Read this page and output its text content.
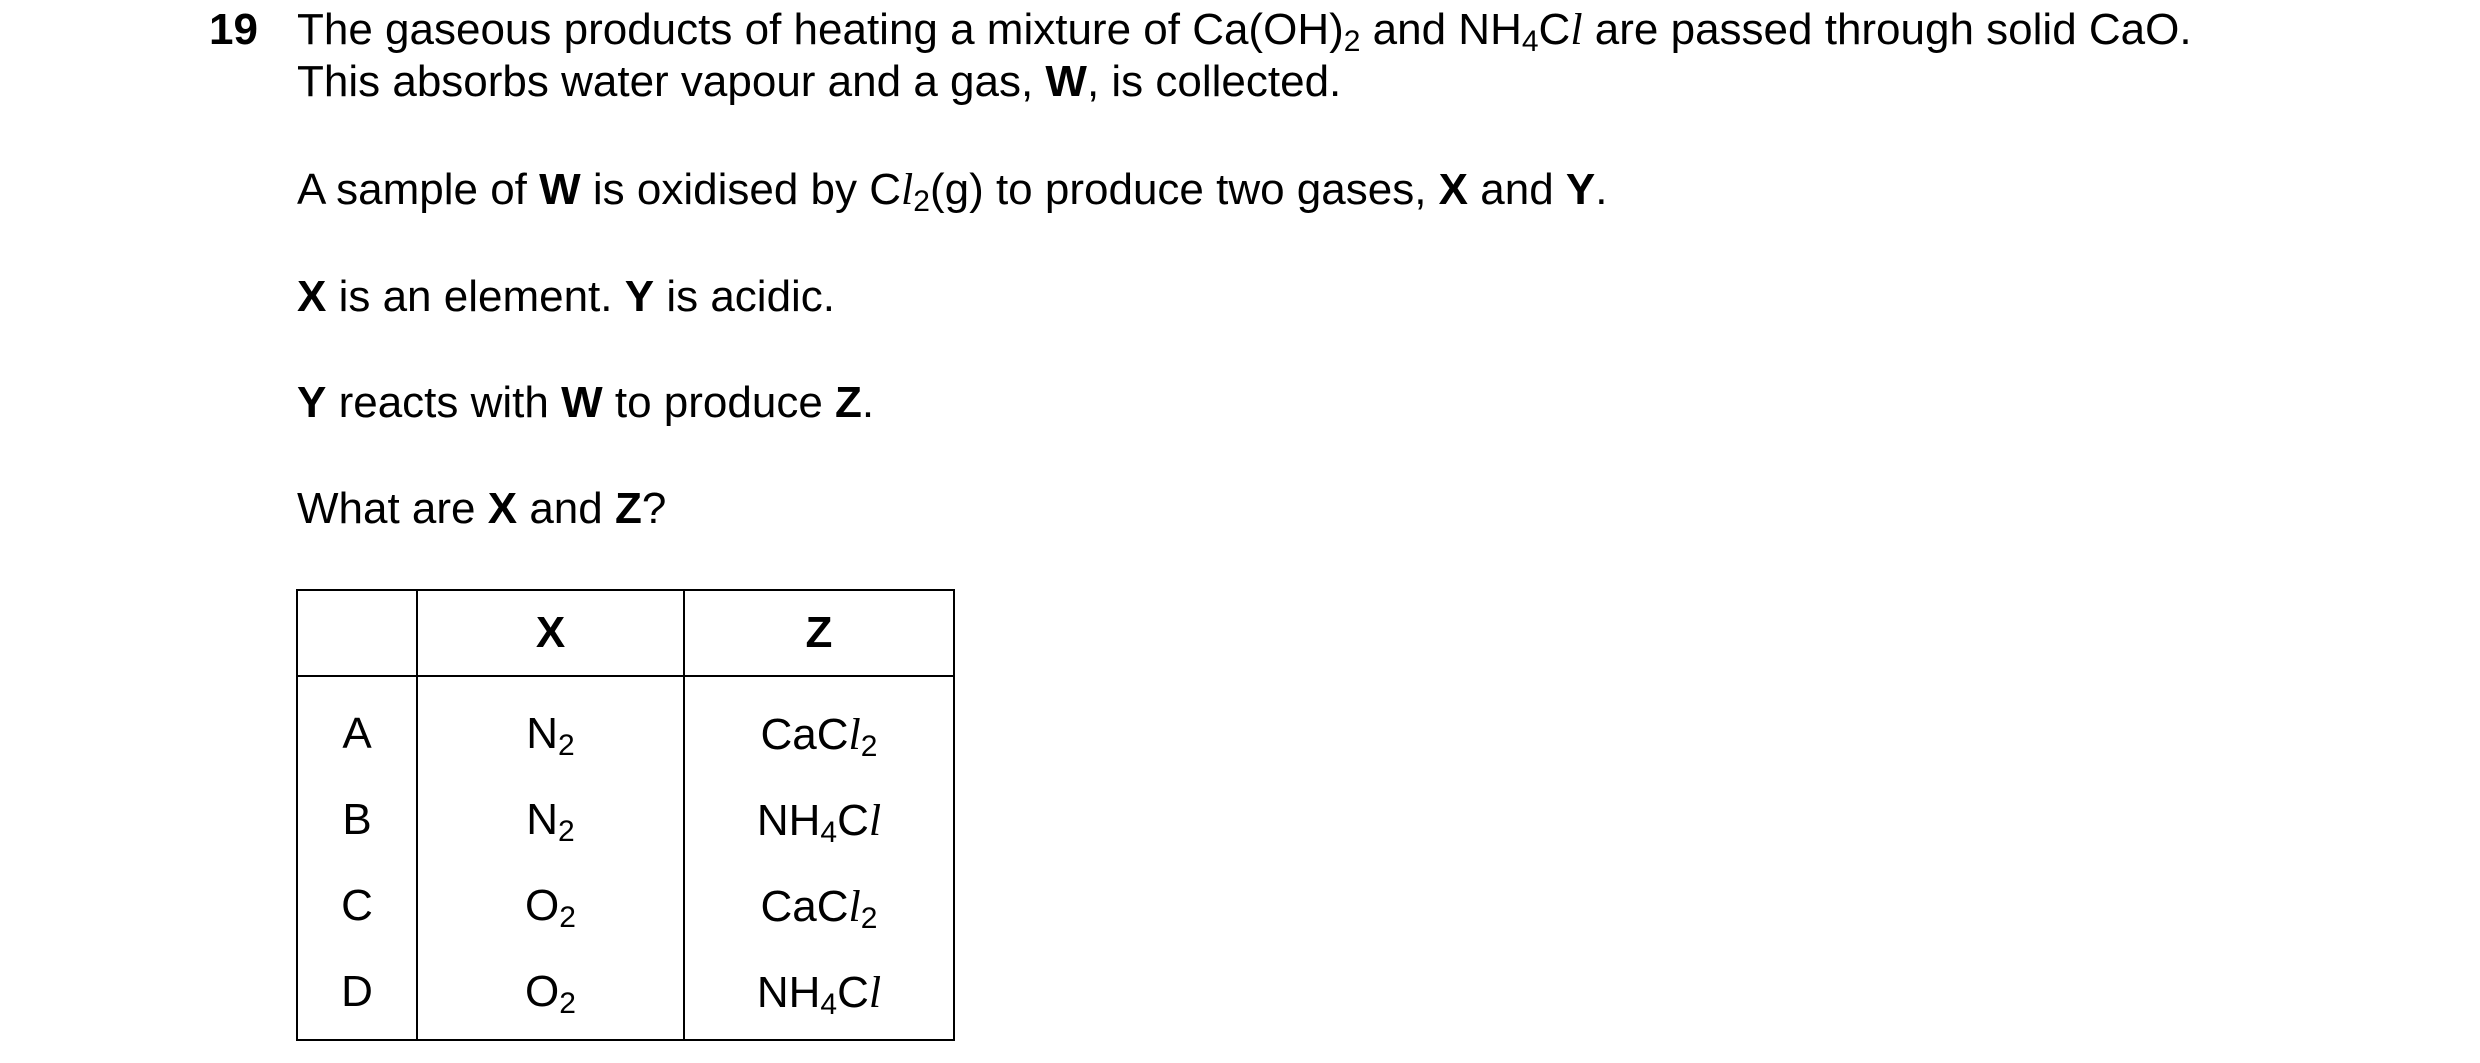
19 The gaseous products of heating a mixture of $Ca(OH)_2$ and $NH_4Cl$ are passed through solid CaO.
This absorbs water vapour and a gas, W, is collected.
A sample of W is oxidised by $Cl_2(g)$ to produce two gases, X and Y.
X is an element. Y is acidic.
Y reacts with W to produce Z.
What are X and Z?
	X	Z
A	$N_2$	CaCl$_2$
B	$N_2$	$NH_4Cl$
C	$O_2$	CaCl$_2$
D	$O_2$	$NH_4Cl$
